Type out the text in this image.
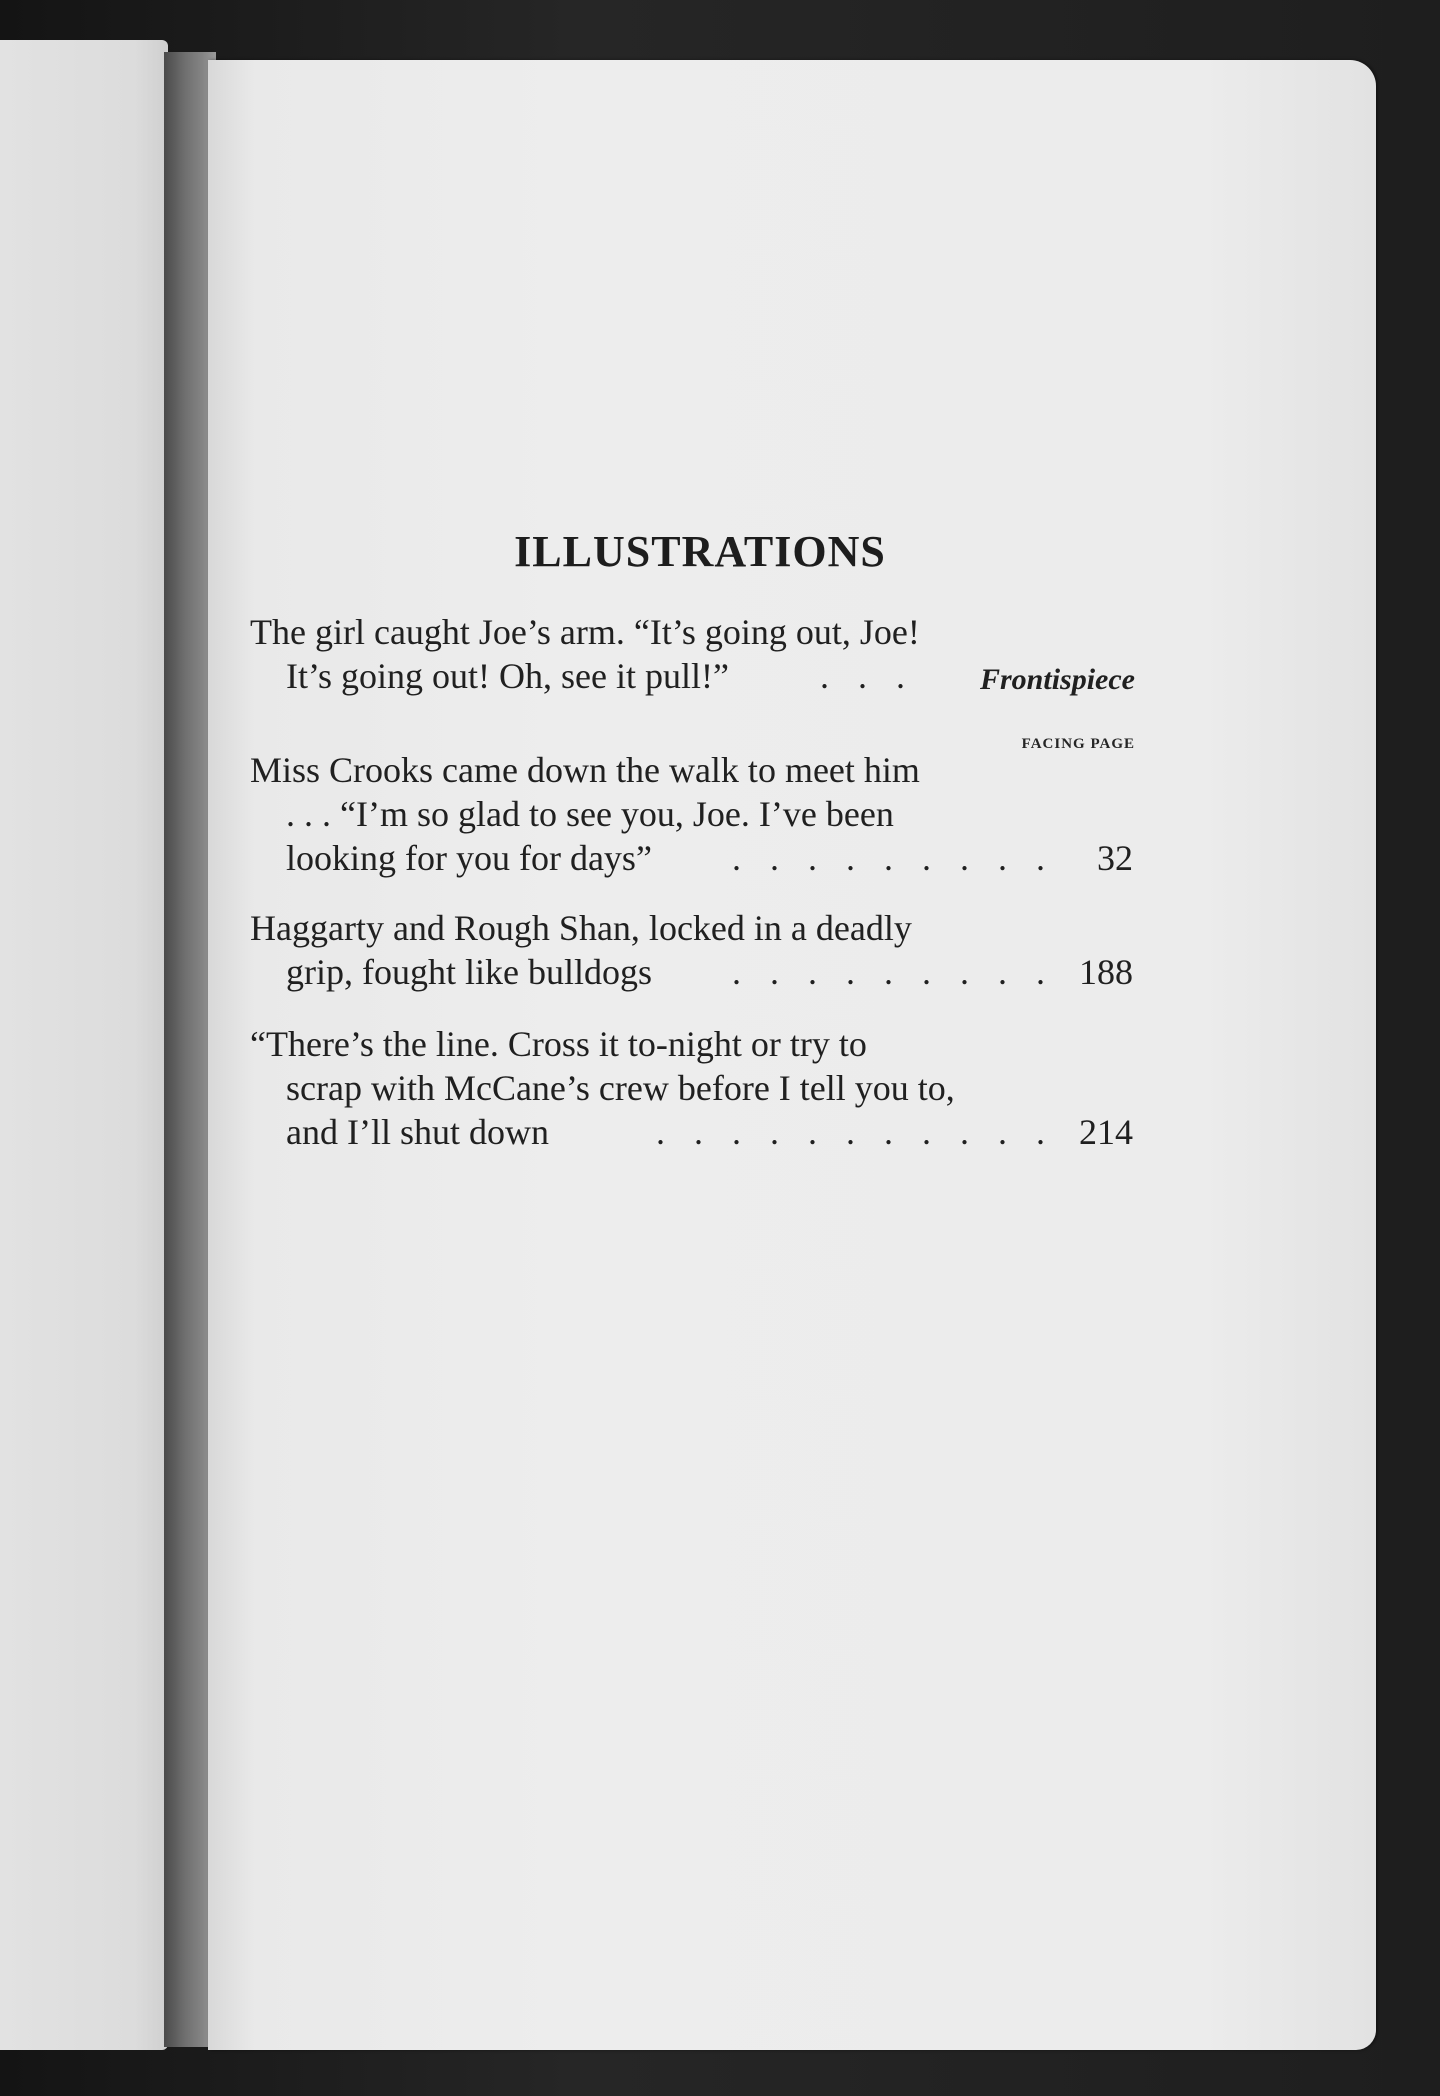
ILLUSTRATIONS
The girl caught Joe’s arm. “It’s going out, Joe!
It’s going out! Oh, see it pull!”	. . . Frontispiece
FACING PAGE
Miss Crooks came down the walk to meet him
. . . “I’m so glad to see you, Joe. I’ve been
looking for you for days” . . . . . . . . . 32
Haggarty and Rough Shan, locked in a deadly
grip, fought like bulldogs . . . . . . . . . 188
“There’s the line. Cross it to-night or try to
scrap with McCane’s crew before I tell you to,
and I’ll shut down	. . . . . . . . . . . 214
